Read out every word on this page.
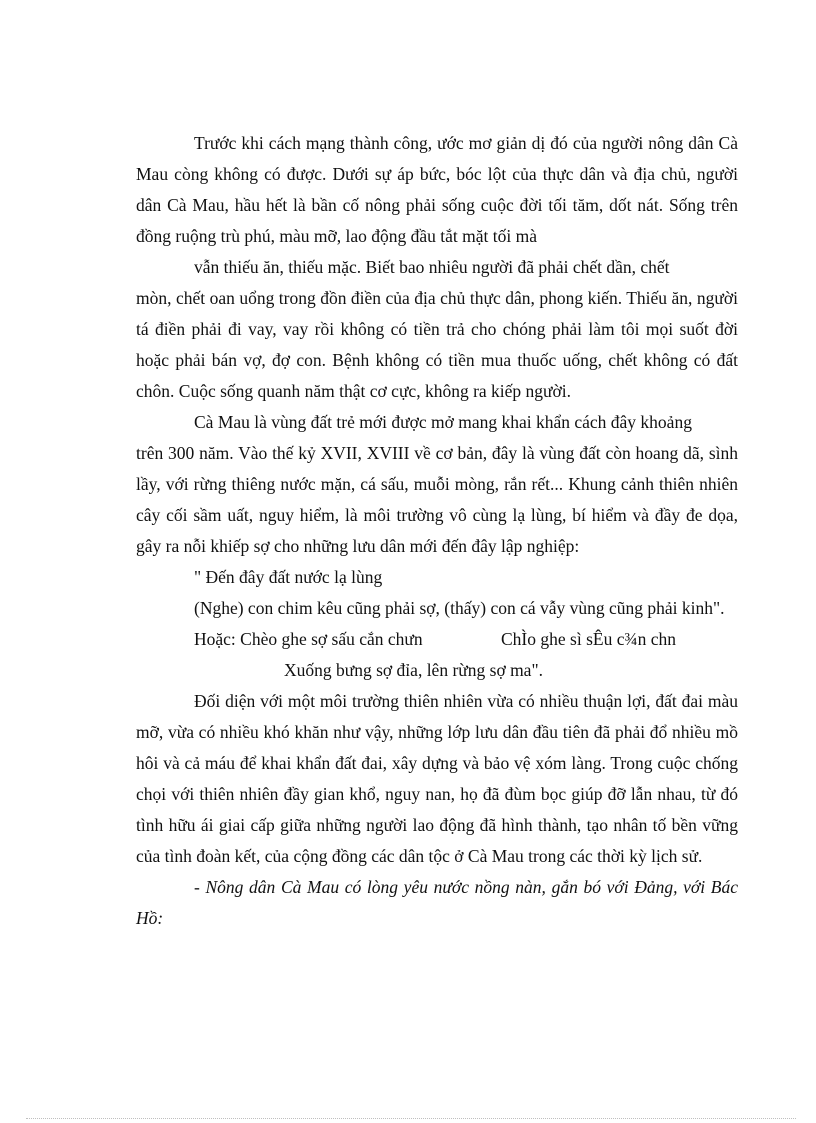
Trước khi cách mạng thành công, ước mơ giản dị đó của người nông dân Cà Mau còng không có được. Dưới sự áp bức, bóc lột của thực dân và địa chủ, người dân Cà Mau, hầu hết là bần cố nông phải sống cuộc đời tối tăm, dốt nát. Sống trên đồng ruộng trù phú, màu mỡ, lao động đầu tắt mặt tối mà

vẫn thiếu ăn, thiếu mặc. Biết bao nhiêu người đã phải chết dần, chết
mòn, chết oan uổng trong đồn điền của địa chủ thực dân, phong kiến. Thiếu ăn, người tá điền phải đi vay, vay rồi không có tiền trả cho chóng phải làm tôi mọi suốt đời hoặc phải bán vợ, đợ con. Bệnh không có tiền mua thuốc uống, chết không có đất chôn. Cuộc sống quanh năm thật cơ cực, không ra kiếp người.

Cà Mau là vùng đất trẻ mới được mở mang khai khẩn cách đây khoảng
trên 300 năm. Vào thế kỷ XVII, XVIII về cơ bản, đây là vùng đất còn hoang dã, sình lầy, với rừng thiêng nước mặn, cá sấu, muỗi mòng, rắn rết... Khung cảnh thiên nhiên cây cối sầm uất, nguy hiểm, là môi trường vô cùng lạ lùng, bí hiểm và đầy đe dọa, gây ra nỗi khiếp sợ cho những lưu dân mới đến đây lập nghiệp:

" Đến đây đất nước lạ lùng

(Nghe) con chim kêu cũng phải sợ, (thấy) con cá vẫy vùng cũng phải kinh".

Hoặc: Chèo ghe sợ sấu cắn chưn	ChÌo ghe sì sÊu c¾n chn

Xuống bưng sợ đỉa, lên rừng sợ ma".

Đối diện với một môi trường thiên nhiên vừa có nhiều thuận lợi, đất đai màu mỡ, vừa có nhiều khó khăn như vậy, những lớp lưu dân đầu tiên đã phải đổ nhiều mồ hôi và cả máu để khai khẩn đất đai, xây dựng và bảo vệ xóm làng. Trong cuộc chống chọi với thiên nhiên đầy gian khổ, nguy nan, họ đã đùm bọc giúp đỡ lẫn nhau, từ đó tình hữu ái giai cấp giữa những người lao động đã hình thành, tạo nhân tố bền vững của tình đoàn kết, của cộng đồng các dân tộc ở Cà Mau trong các thời kỳ lịch sử.

- Nông dân Cà Mau có lòng yêu nước nồng nàn, gắn bó với Đảng, với Bác Hồ:
